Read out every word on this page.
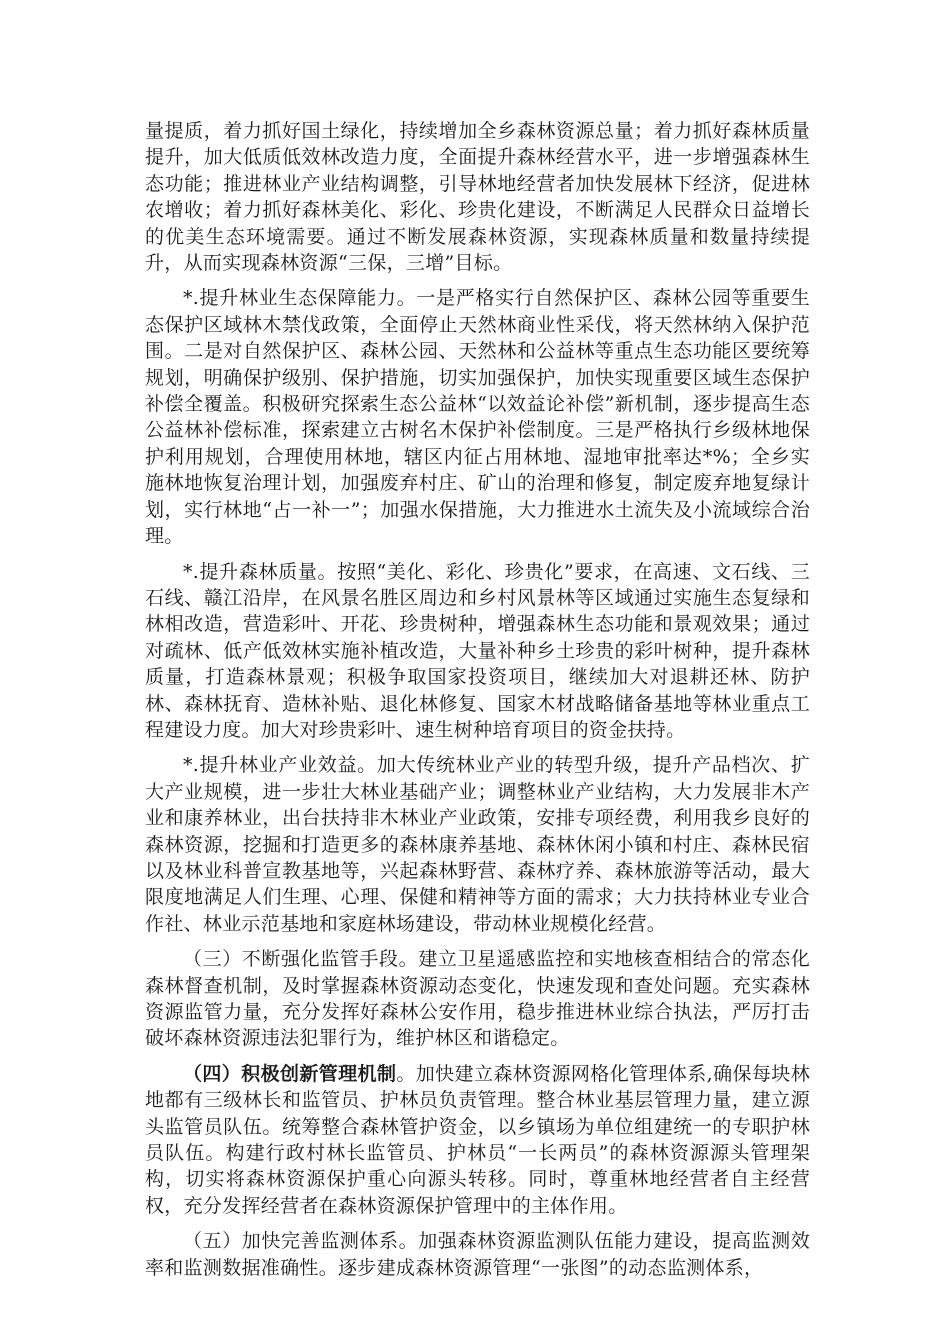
量提质，着力抓好国土绿化，持续增加全乡森林资源总量；着力抓好森林质量提升，加大低质低效林改造力度，全面提升森林经营水平，进一步增强森林生态功能；推进林业产业结构调整，引导林地经营者加快发展林下经济，促进林农增收；着力抓好森林美化、彩化、珍贵化建设，不断满足人民群众日益增长的优美生态环境需要。通过不断发展森林资源，实现森林质量和数量持续提升，从而实现森林资源“三保，三增”目标。

*.提升林业生态保障能力。一是严格实行自然保护区、森林公园等重要生态保护区域林木禁伐政策，全面停止天然林商业性采伐，将天然林纳入保护范围。二是对自然保护区、森林公园、天然林和公益林等重点生态功能区要统筹规划，明确保护级别、保护措施，切实加强保护，加快实现重要区域生态保护补偿全覆盖。积极研究探索生态公益林“以效益论补偿”新机制，逐步提高生态公益林补偿标准，探索建立古树名木保护补偿制度。三是严格执行乡级林地保护利用规划，合理使用林地，辖区内征占用林地、湿地审批率达*%；全乡实施林地恢复治理计划，加强废弃村庄、矿山的治理和修复，制定废弃地复绿计划，实行林地“占一补一”；加强水保措施，大力推进水土流失及小流域综合治理。

*.提升森林质量。按照“美化、彩化、珍贵化”要求，在高速、文石线、三石线、赣江沿岸，在风景名胜区周边和乡村风景林等区域通过实施生态复绿和林相改造，营造彩叶、开花、珍贵树种，增强森林生态功能和景观效果；通过对疏林、低产低效林实施补植改造，大量补种乡土珍贵的彩叶树种，提升森林质量，打造森林景观；积极争取国家投资项目，继续加大对退耕还林、防护林、森林抚育、造林补贴、退化林修复、国家木材战略储备基地等林业重点工程建设力度。加大对珍贵彩叶、速生树种培育项目的资金扶持。

*.提升林业产业效益。加大传统林业产业的转型升级，提升产品档次、扩大产业规模，进一步壮大林业基础产业；调整林业产业结构，大力发展非木产业和康养林业，出台扶持非木林业产业政策，安排专项经费，利用我乡良好的森林资源，挖掘和打造更多的森林康养基地、森林休闲小镇和村庄、森林民宿以及林业科普宣教基地等，兴起森林野营、森林疗养、森林旅游等活动，最大限度地满足人们生理、心理、保健和精神等方面的需求；大力扶持林业专业合作社、林业示范基地和家庭林场建设，带动林业规模化经营。

（三）不断强化监管手段。建立卫星遥感监控和实地核查相结合的常态化森林督查机制，及时掌握森林资源动态变化，快速发现和查处问题。充实森林资源监管力量，充分发挥好森林公安作用，稳步推进林业综合执法，严厉打击破坏森林资源违法犯罪行为，维护林区和谐稳定。

（四）积极创新管理机制。加快建立森林资源网格化管理体系,确保每块林地都有三级林长和监管员、护林员负责管理。整合林业基层管理力量，建立源头监管员队伍。统筹整合森林管护资金，以乡镇场为单位组建统一的专职护林员队伍。构建行政村林长监管员、护林员“一长两员”的森林资源源头管理架构，切实将森林资源保护重心向源头转移。同时，尊重林地经营者自主经营权，充分发挥经营者在森林资源保护管理中的主体作用。

（五）加快完善监测体系。加强森林资源监测队伍能力建设，提高监测效率和监测数据准确性。逐步建成森林资源管理“一张图”的动态监测体系，
